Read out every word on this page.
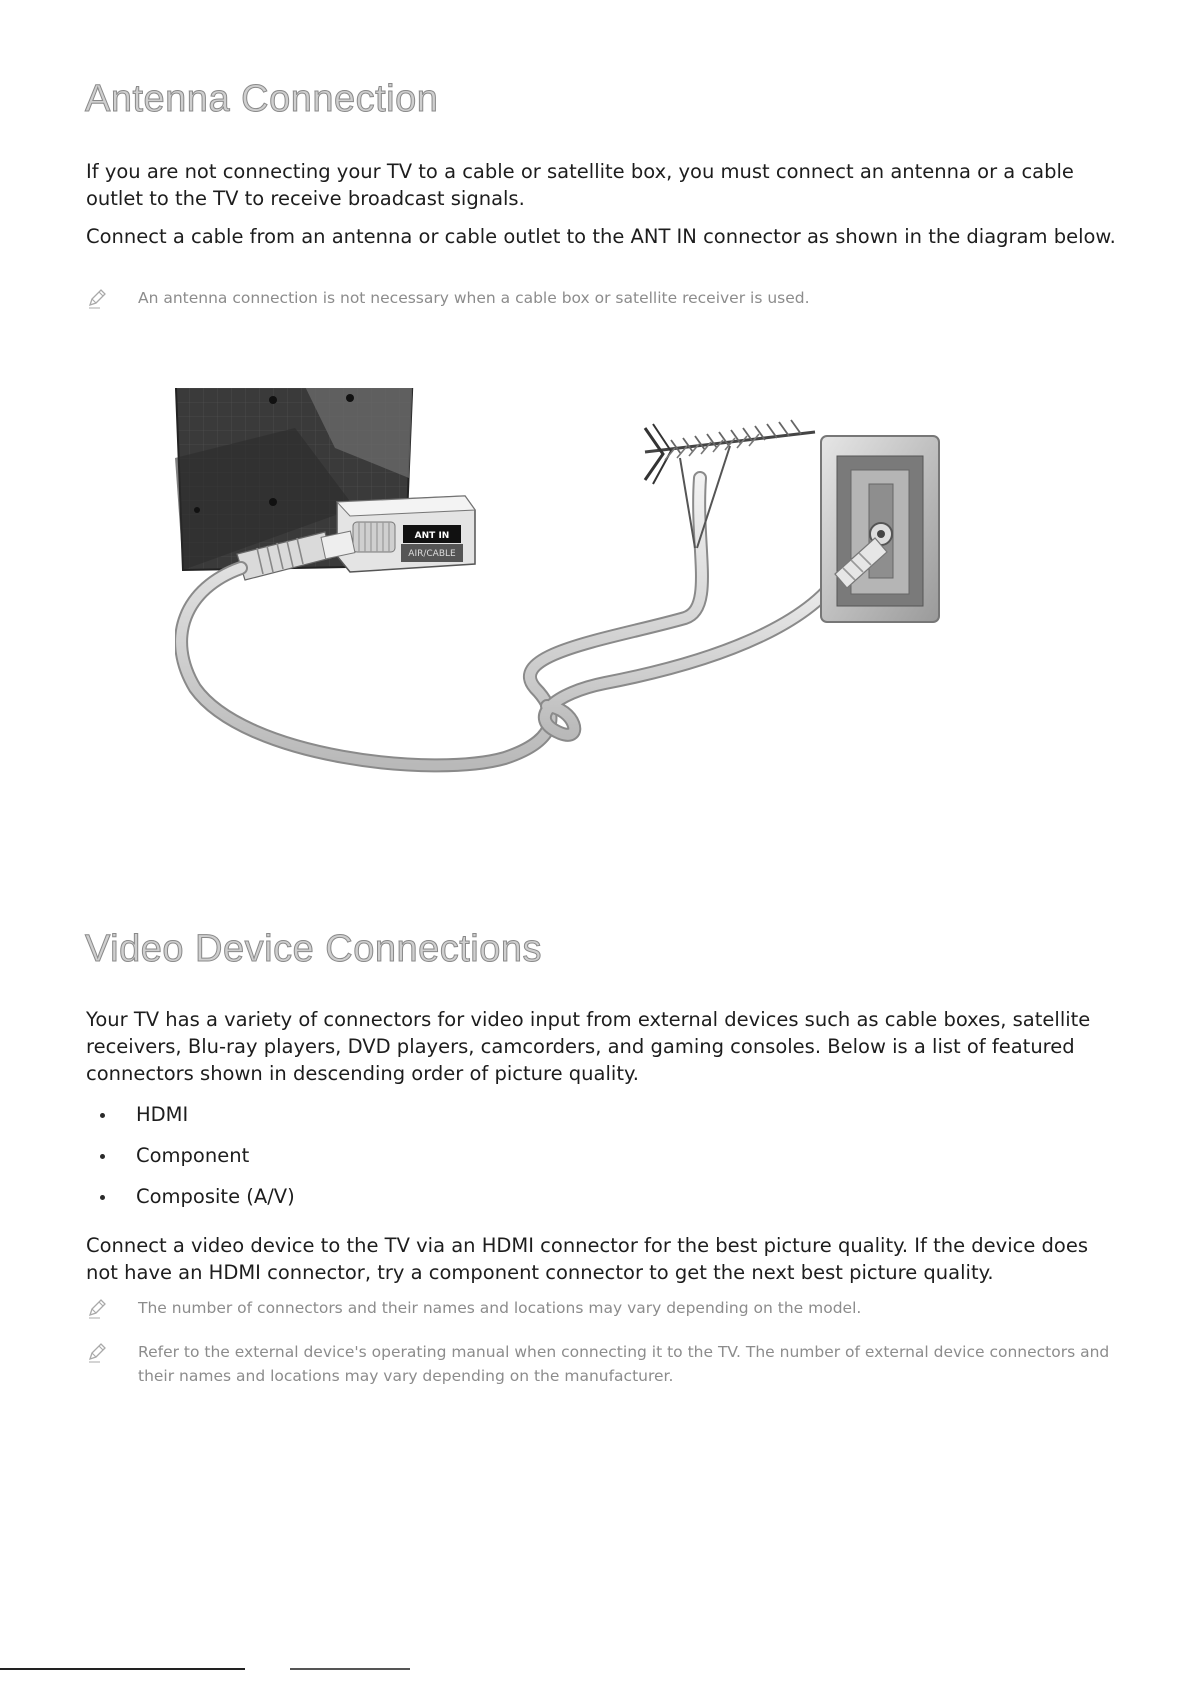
Antenna Connection

If you are not connecting your TV to a cable or satellite box, you must connect an antenna or a cable outlet to the TV to receive broadcast signals.

Connect a cable from an antenna or cable outlet to the ANT IN connector as shown in the diagram below.

An antenna connection is not necessary when a cable box or satellite receiver is used.
ANT IN
AIR/CABLE
Video Device Connections

Your TV has a variety of connectors for video input from external devices such as cable boxes, satellite receivers, Blu-ray players, DVD players, camcorders, and gaming consoles. Below is a list of featured connectors shown in descending order of picture quality.

HDMI
Component
Composite (A/V)

Connect a video device to the TV via an HDMI connector for the best picture quality. If the device does not have an HDMI connector, try a component connector to get the next best picture quality.

The number of connectors and their names and locations may vary depending on the model.
Refer to the external device's operating manual when connecting it to the TV. The number of external device connectors and their names and locations may vary depending on the manufacturer.
